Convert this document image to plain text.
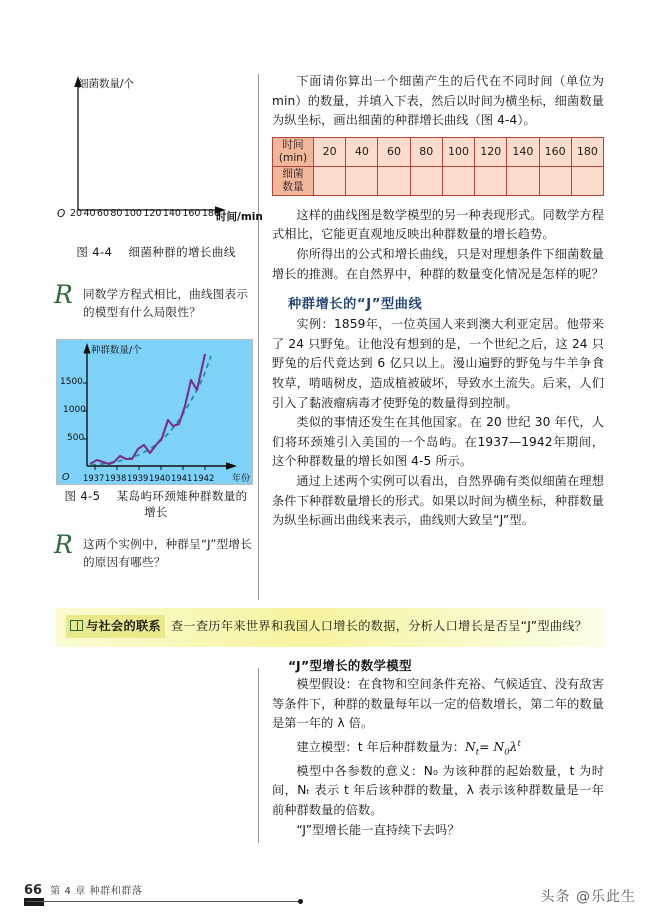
细菌数量/个
O 20 40 60 80 100 120 140 160 180
时间/min
图 4-4 细菌种群的增长曲线
R 同数学方程式相比，曲线图表示的模型有什么局限性？
种群数量/个
1500
1000
500
O 1937 1938 1939 1940 1941 1942 年份
图 4-5 某岛屿环颈雉种群数量的
增长
R 这两个实例中，种群呈“J”型增长的原因有哪些？

下面请你算出一个细菌产生的后代在不同时间（单位为 min）的数量，并填入下表，然后以时间为横坐标，细菌数量为纵坐标，画出细菌的种群增长曲线（图 4-4）。

时间
(min)	20	40	60	80	100	120	140	160	180

细菌
数量									

这样的曲线图是数学模型的另一种表现形式。同数学方程式相比，它能更直观地反映出种群数量的增长趋势。

你所得出的公式和增长曲线，只是对理想条件下细菌数量增长的推测。在自然界中，种群的数量变化情况是怎样的呢？

种群增长的“J”型曲线

实例：1859年，一位英国人来到澳大利亚定居。他带来了 24 只野兔。让他没有想到的是，一个世纪之后，这 24 只野兔的后代竟达到 6 亿只以上。漫山遍野的野兔与牛羊争食牧草，啃啮树皮，造成植被破坏，导致水土流失。后来，人们引入了黏液瘤病毒才使野兔的数量得到控制。

类似的事情还发生在其他国家。在 20 世纪 30 年代，人们将环颈雉引入美国的一个岛屿。在1937—1942年期间，这个种群数量的增长如图 4-5 所示。

通过上述两个实例可以看出，自然界确有类似细菌在理想条件下种群数量增长的形式。如果以时间为横坐标，种群数量为纵坐标画出曲线来表示，曲线则大致呈“J”型。

与社会的联系 查一查历年来世界和我国人口增长的数据，分析人口增长是否呈“J”型曲线？
“J”型增长的数学模型

模型假设：在食物和空间条件充裕、气候适宜、没有敌害等条件下，种群的数量每年以一定的倍数增长，第二年的数量是第一年的 λ 倍。

建立模型：t 年后种群数量为：$N_t= N_0\lambda^t$

模型中各参数的意义：N₀ 为该种群的起始数量，t 为时间，Nₜ 表示 t 年后该种群的数量，λ 表示该种群数量是一年前种群数量的倍数。

“J”型增长能一直持续下去吗？

66 第 4 章 种群和群落	头条 @乐此生
